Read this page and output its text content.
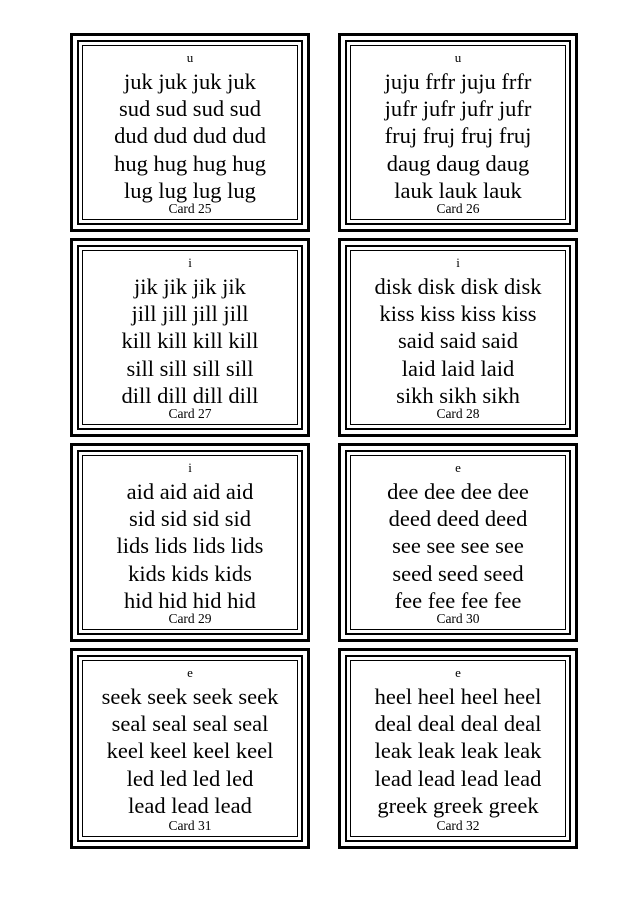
u
juk juk juk juk
sud sud sud sud
dud dud dud dud
hug hug hug hug
lug lug lug lug
Card 25
u
juju frfr juju frfr
jufr jufr jufr jufr
fruj fruj fruj fruj
daug daug daug
lauk lauk lauk
Card 26
i
jik jik jik jik
jill jill jill jill
kill kill kill kill
sill sill sill sill
dill dill dill dill
Card 27
i
disk disk disk disk
kiss kiss kiss kiss
said said said
laid laid laid
sikh sikh sikh
Card 28
i
aid aid aid aid
sid sid sid sid
lids lids lids lids
kids kids kids
hid hid hid hid
Card 29
e
dee dee dee dee
deed deed deed
see see see see
seed seed seed
fee fee fee fee
Card 30
e
seek seek seek seek
seal seal seal seal
keel keel keel keel
led led led led
lead lead lead
Card 31
e
heel heel heel heel
deal deal deal deal
leak leak leak leak
lead lead lead lead
greek greek greek
Card 32
